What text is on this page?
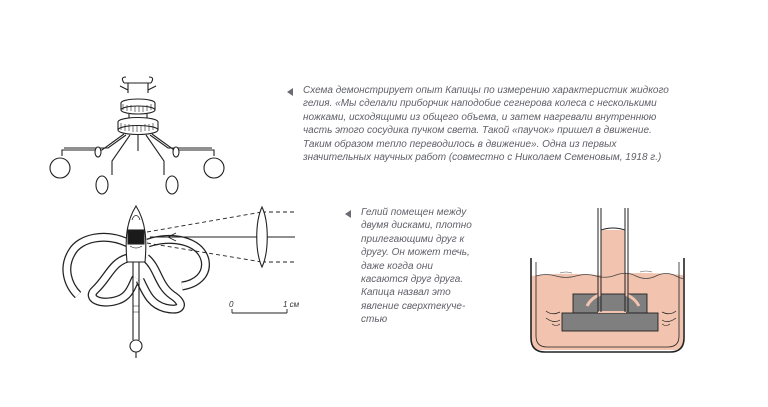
Схема демонстрирует опыт Капицы по измерению характеристик жидкого гелия. «Мы сделали приборчик наподобие сегнерова колеса с несколькими ножками, исходящими из общего объема, и затем нагревали внутреннюю часть этого сосудика пучком света. Такой «паучок» пришел в движение. Таким образом тепло переводилось в движение». Одна из первых значительных научных работ (совместно с Николаем Семеновым, 1918 г.)
Гелий помещен между двумя дисками, плотно прилегающими друг к другу. Он может течь, даже когда они касаются друг друга. Капица назвал это явление сверхтекуче-стью
0	1 см
